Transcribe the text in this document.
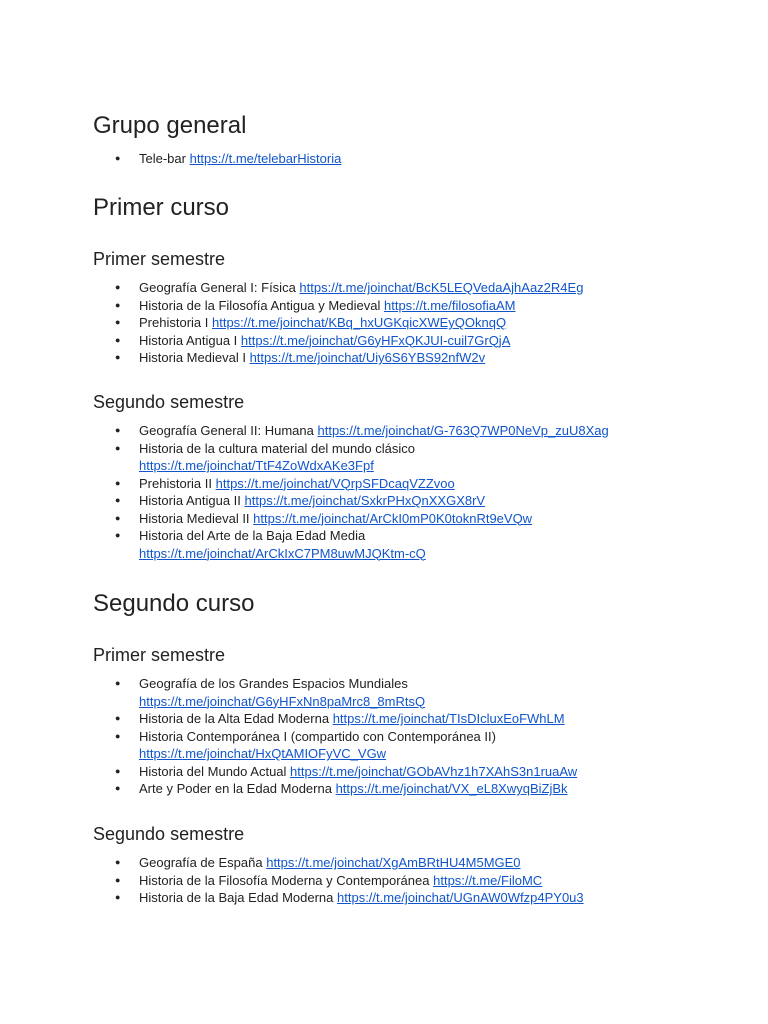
Grupo general
● Tele-bar https://t.me/telebarHistoria
Primer curso
Primer semestre
● Geografía General I: Física https://t.me/joinchat/BcK5LEQVedaAjhAaz2R4Eg
● Historia de la Filosofía Antigua y Medieval https://t.me/filosofiaAM
● Prehistoria I https://t.me/joinchat/KBq_hxUGKqicXWEyQOknqQ
● Historia Antigua I https://t.me/joinchat/G6yHFxQKJUI-cuil7GrQjA
● Historia Medieval I https://t.me/joinchat/Uiy6S6YBS92nfW2v
Segundo semestre
● Geografía General II: Humana https://t.me/joinchat/G-763Q7WP0NeVp_zuU8Xag
● Historia de la cultura material del mundo clásico
https://t.me/joinchat/TtF4ZoWdxAKe3Fpf
● Prehistoria II https://t.me/joinchat/VQrpSFDcaqVZZvoo
● Historia Antigua II https://t.me/joinchat/SxkrPHxQnXXGX8rV
● Historia Medieval II https://t.me/joinchat/ArCkI0mP0K0toknRt9eVQw
● Historia del Arte de la Baja Edad Media
https://t.me/joinchat/ArCkIxC7PM8uwMJQKtm-cQ
Segundo curso
Primer semestre
● Geografía de los Grandes Espacios Mundiales
https://t.me/joinchat/G6yHFxNn8paMrc8_8mRtsQ
● Historia de la Alta Edad Moderna https://t.me/joinchat/TIsDIcluxEoFWhLM
● Historia Contemporánea I (compartido con Contemporánea II)
https://t.me/joinchat/HxQtAMIOFyVC_VGw
● Historia del Mundo Actual https://t.me/joinchat/GObAVhz1h7XAhS3n1ruaAw
● Arte y Poder en la Edad Moderna https://t.me/joinchat/VX_eL8XwyqBiZjBk
Segundo semestre
● Geografía de España https://t.me/joinchat/XgAmBRtHU4M5MGE0
● Historia de la Filosofía Moderna y Contemporánea https://t.me/FiloMC
● Historia de la Baja Edad Moderna https://t.me/joinchat/UGnAW0Wfzp4PY0u3
